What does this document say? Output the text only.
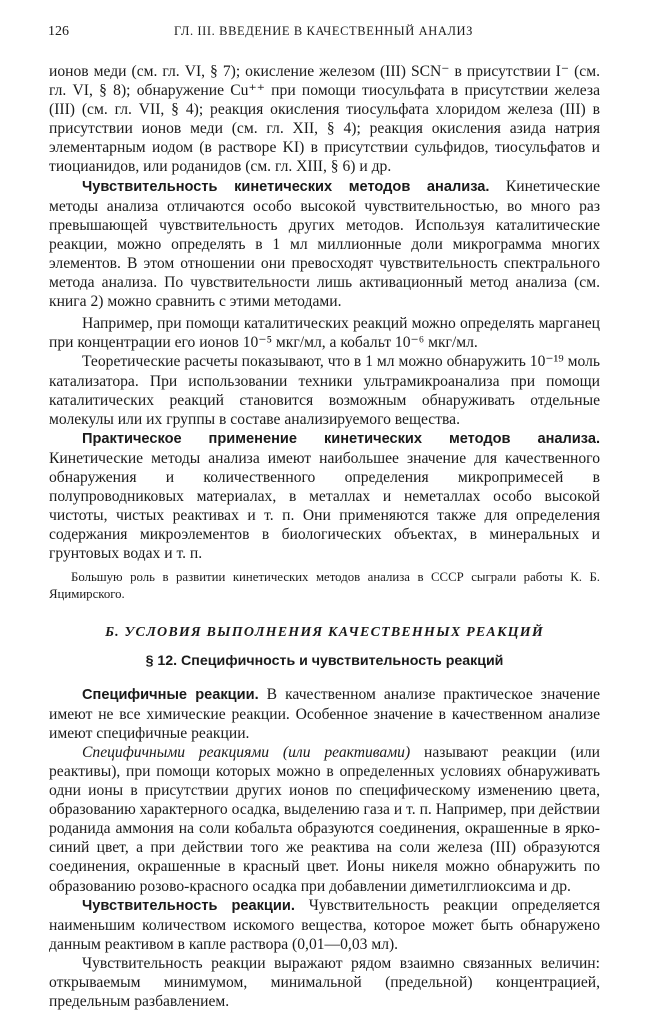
126	ГЛ. III. ВВЕДЕНИЕ В КАЧЕСТВЕННЫЙ АНАЛИЗ

ионов меди (см. гл. VI, § 7); окисление железом (III) SCN⁻ в присутствии I⁻ (см. гл. VI, § 8); обнаружение Cu⁺⁺ при помощи тиосульфата в присутствии железа (III) (см. гл. VII, § 4); реакция окисления тиосульфата хлоридом железа (III) в присутствии ионов меди (см. гл. XII, § 4); реакция окисления азида натрия элементарным иодом (в растворе KI) в присутствии сульфидов, тиосульфатов и тиоцианидов, или роданидов (см. гл. XIII, § 6) и др.

Чувствительность кинетических методов анализа. Кинетические методы анализа отличаются особо высокой чувствительностью, во много раз превышающей чувствительность других методов. Используя каталитические реакции, можно определять в 1 мл миллионные доли микрограмма многих элементов. В этом отношении они превосходят чувствительность спектрального метода анализа. По чувствительности лишь активационный метод анализа (см. книга 2) можно сравнить с этими методами.

Например, при помощи каталитических реакций можно определять марганец при концентрации его ионов 10⁻⁵ мкг/мл, а кобальт 10⁻⁶ мкг/мл.

Теоретические расчеты показывают, что в 1 мл можно обнаружить 10⁻¹⁹ моль катализатора. При использовании техники ультрамикроанализа при помощи каталитических реакций становится возможным обнаруживать отдельные молекулы или их группы в составе анализируемого вещества.

Практическое применение кинетических методов анализа. Кинетические методы анализа имеют наибольшее значение для качественного обнаружения и количественного определения микропримесей в полупроводниковых материалах, в металлах и неметаллах особо высокой чистоты, чистых реактивах и т. п. Они применяются также для определения содержания микроэлементов в биологических объектах, в минеральных и грунтовых водах и т. п.

Большую роль в развитии кинетических методов анализа в СССР сыграли работы К. Б. Яцимирского.

Б. УСЛОВИЯ ВЫПОЛНЕНИЯ КАЧЕСТВЕННЫХ РЕАКЦИЙ
§ 12. Специфичность и чувствительность реакций

Специфичные реакции. В качественном анализе практическое значение имеют не все химические реакции. Особенное значение в качественном анализе имеют специфичные реакции.

Специфичными реакциями (или реактивами) называют реакции (или реактивы), при помощи которых можно в определенных условиях обнаруживать одни ионы в присутствии других ионов по специфическому изменению цвета, образованию характерного осадка, выделению газа и т. п. Например, при действии роданида аммония на соли кобальта образуются соединения, окрашенные в ярко-синий цвет, а при действии того же реактива на соли железа (III) образуются соединения, окрашенные в красный цвет. Ионы никеля можно обнаружить по образованию розово-красного осадка при добавлении диметилглиоксима и др.

Чувствительность реакции. Чувствительность реакции определяется наименьшим количеством искомого вещества, которое может быть обнаружено данным реактивом в капле раствора (0,01—0,03 мл).

Чувствительность реакции выражают рядом взаимно связанных величин: открываемым минимумом, минимальной (предельной) концентрацией, предельным разбавлением.
